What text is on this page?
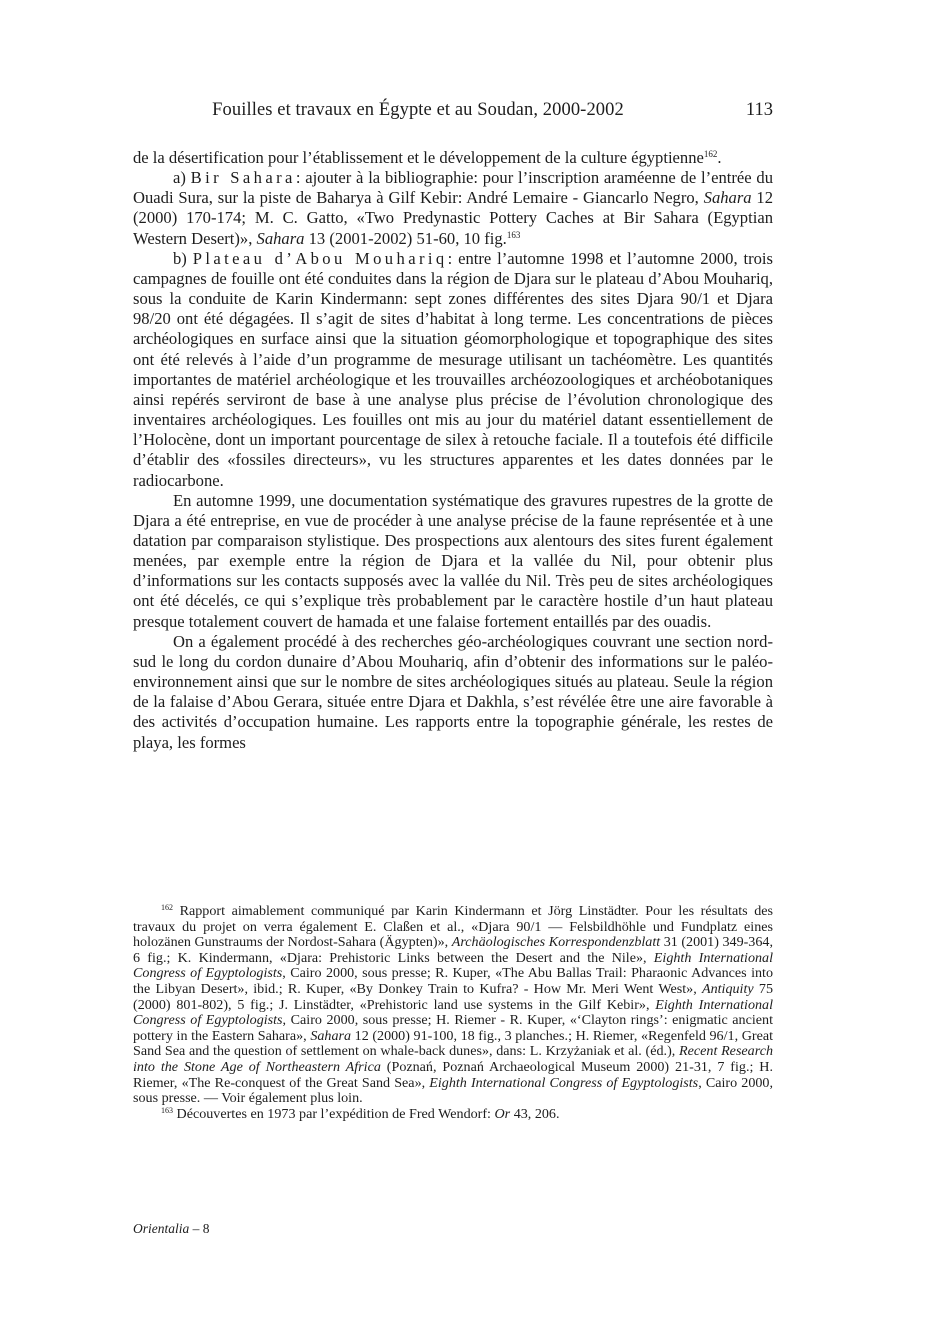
Fouilles et travaux en Égypte et au Soudan, 2000-2002	113

de la désertification pour l’établissement et le développement de la culture égyptienne$^{162}$.

a) Bir Sahara: ajouter à la bibliographie: pour l’inscription araméenne de l’entrée du Ouadi Sura, sur la piste de Baharya à Gilf Kebir: André Lemaire - Giancarlo Negro, Sahara 12 (2000) 170-174; M. C. Gatto, «Two Predynastic Pottery Caches at Bir Sahara (Egyptian Western Desert)», Sahara 13 (2001-2002) 51-60, 10 fig.$^{163}$

b) Plateau d’Abou Mouhariq: entre l’automne 1998 et l’automne 2000, trois campagnes de fouille ont été conduites dans la région de Djara sur le plateau d’Abou Mouhariq, sous la conduite de Karin Kindermann: sept zones différentes des sites Djara 90/1 et Djara 98/20 ont été dégagées. Il s’agit de sites d’habitat à long terme. Les concentrations de pièces archéologiques en surface ainsi que la situation géomorphologique et topographique des sites ont été relevés à l’aide d’un programme de mesurage utilisant un tachéomètre. Les quantités importantes de matériel archéologique et les trouvailles archéozoologiques et archéobotaniques ainsi repérés serviront de base à une analyse plus précise de l’évolution chronologique des inventaires archéologiques. Les fouilles ont mis au jour du matériel datant essentiellement de l’Holocène, dont un important pourcentage de silex à retouche faciale. Il a toutefois été difficile d’établir des «fossiles directeurs», vu les structures apparentes et les dates données par le radiocarbone.

En automne 1999, une documentation systématique des gravures rupestres de la grotte de Djara a été entreprise, en vue de procéder à une analyse précise de la faune représentée et à une datation par comparaison stylistique. Des prospections aux alentours des sites furent également menées, par exemple entre la région de Djara et la vallée du Nil, pour obtenir plus d’informations sur les contacts supposés avec la vallée du Nil. Très peu de sites archéologiques ont été décelés, ce qui s’explique très probablement par le caractère hostile d’un haut plateau presque totalement couvert de hamada et une falaise fortement entaillés par des ouadis.

On a également procédé à des recherches géo-archéologiques couvrant une section nord-sud le long du cordon dunaire d’Abou Mouhariq, afin d’obtenir des informations sur le paléo-environnement ainsi que sur le nombre de sites archéologiques situés au plateau. Seule la région de la falaise d’Abou Gerara, située entre Djara et Dakhla, s’est révélée être une aire favorable à des activités d’occupation humaine. Les rapports entre la topographie générale, les restes de playa, les formes

$^{162}$ Rapport aimablement communiqué par Karin Kindermann et Jörg Linstädter. Pour les résultats des travaux du projet on verra également E. Claßen et al., «Djara 90/1 — Felsbildhöhle und Fundplatz eines holozänen Gunstraums der Nordost-Sahara (Ägypten)», Archäologisches Korrespondenzblatt 31 (2001) 349-364, 6 fig.; K. Kindermann, «Djara: Prehistoric Links between the Desert and the Nile», Eighth International Congress of Egyptologists, Cairo 2000, sous presse; R. Kuper, «The Abu Ballas Trail: Pharaonic Advances into the Libyan Desert», ibid.; R. Kuper, «By Donkey Train to Kufra? - How Mr. Meri Went West», Antiquity 75 (2000) 801-802), 5 fig.; J. Linstädter, «Prehistoric land use systems in the Gilf Kebir», Eighth International Congress of Egyptologists, Cairo 2000, sous presse; H. Riemer - R. Kuper, «‘Clayton rings’: enigmatic ancient pottery in the Eastern Sahara», Sahara 12 (2000) 91-100, 18 fig., 3 planches.; H. Riemer, «Regenfeld 96/1, Great Sand Sea and the question of settlement on whale-back dunes», dans: L. Krzyżaniak et al. (éd.), Recent Research into the Stone Age of Northeastern Africa (Poznań, Poznań Archaeological Museum 2000) 21-31, 7 fig.; H. Riemer, «The Re-conquest of the Great Sand Sea», Eighth International Congress of Egyptologists, Cairo 2000, sous presse. — Voir également plus loin.

$^{163}$ Découvertes en 1973 par l’expédition de Fred Wendorf: Or 43, 206.

Orientalia – 8
